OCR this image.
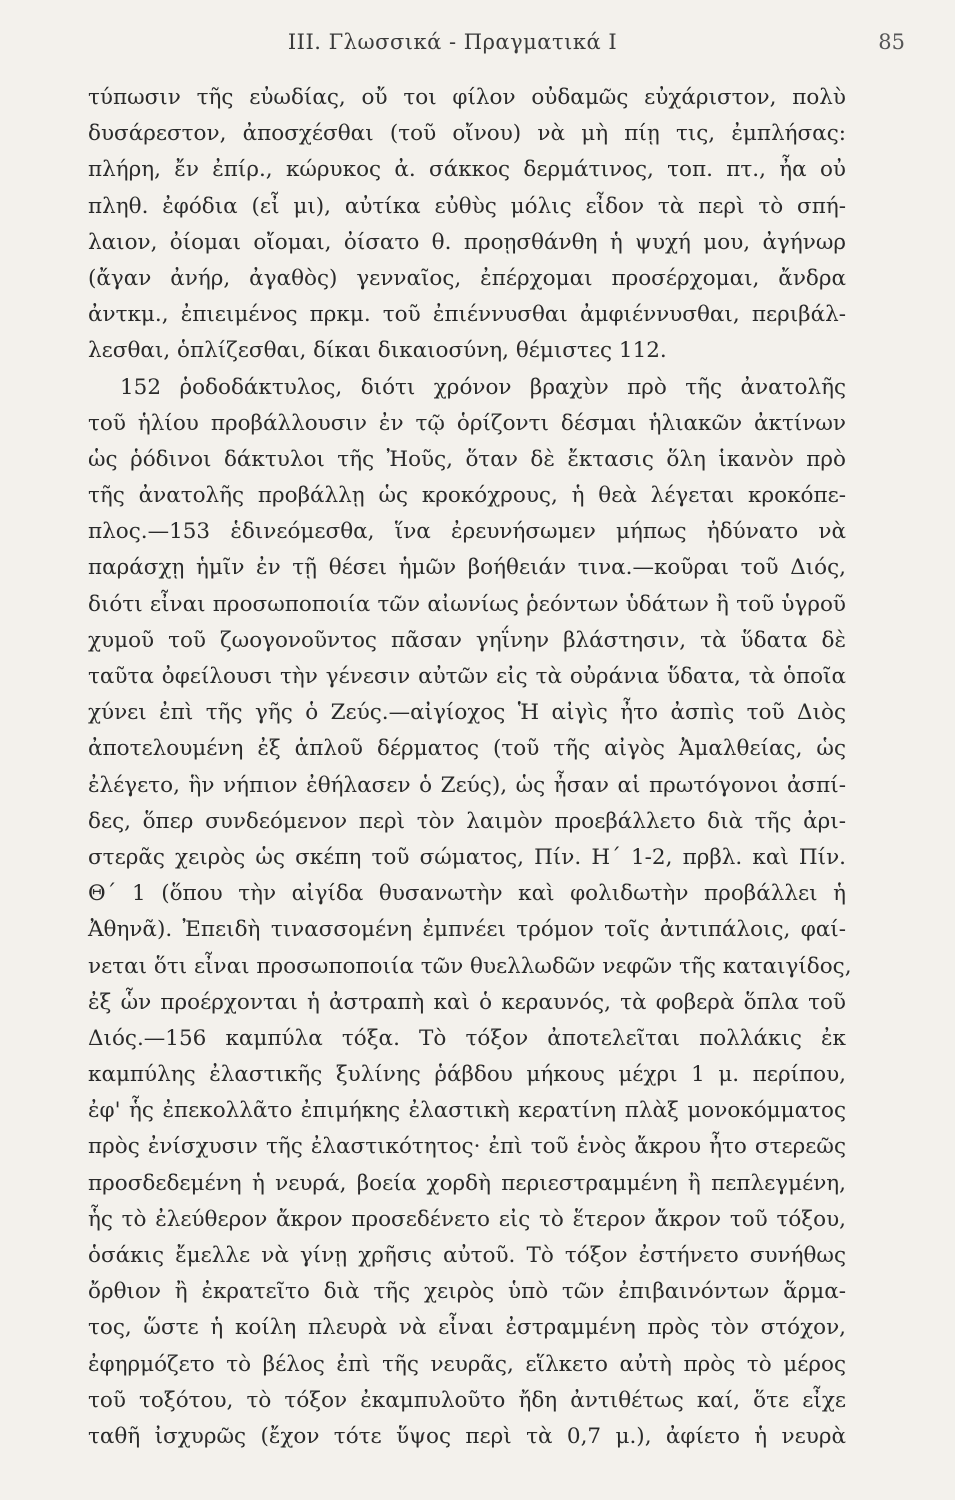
ΙΙΙ. Γλωσσικά - Πραγματικά Ι	85
τύπωσιν τῆς εὐωδίας, οὔ τοι φίλον οὐδαμῶς εὐχάριστον, πολὺ
δυσάρεστον, ἀποσχέσθαι (τοῦ οἴνου) νὰ μὴ πίῃ τις, ἐμπλήσας:
πλήρη, ἔν ἐπίρ., κώρυκος ἀ. σάκκος δερμάτινος, τοπ. πτ., ἦα οὐ
πληθ. ἐφόδια (εἶ μι), αὐτίκα εὐθὺς μόλις εἶδον τὰ περὶ τὸ σπή-
λαιον, ὀίομαι οἴομαι, ὀίσατο θ. προῃσθάνθη ἡ ψυχή μου, ἀγήνωρ
(ἄγαν ἀνήρ, ἀγαθὸς) γενναῖος, ἐπέρχομαι προσέρχομαι, ἄνδρα
ἀντκμ., ἐπιειμένος πρκμ. τοῦ ἐπιέννυσθαι ἀμφιέννυσθαι, περιβάλ-
λεσθαι, ὁπλίζεσθαι, δίκαι δικαιοσύνη, θέμιστες 112.
152 ῥοδοδάκτυλος, διότι χρόνον βραχὺν πρὸ τῆς ἀνατολῆς
τοῦ ἡλίου προβάλλουσιν ἐν τῷ ὁρίζοντι δέσμαι ἡλιακῶν ἀκτίνων
ὡς ῥόδινοι δάκτυλοι τῆς Ἠοῦς, ὅταν δὲ ἔκτασις ὅλη ἱκανὸν πρὸ
τῆς ἀνατολῆς προβάλλῃ ὡς κροκόχρους, ἡ θεὰ λέγεται κροκόπε-
πλος.—153 ἑδινεόμεσθα, ἵνα ἐρευνήσωμεν μήπως ἠδύνατο νὰ
παράσχῃ ἡμῖν ἐν τῇ θέσει ἡμῶν βοήθειάν τινα.—κοῦραι τοῦ Διός,
διότι εἶναι προσωποποιία τῶν αἰωνίως ῥεόντων ὑδάτων ἢ τοῦ ὑγροῦ
χυμοῦ τοῦ ζωογονοῦντος πᾶσαν γηΐνην βλάστησιν, τὰ ὕδατα δὲ
ταῦτα ὀφείλουσι τὴν γένεσιν αὐτῶν εἰς τὰ οὐράνια ὕδατα, τὰ ὁποῖα
χύνει ἐπὶ τῆς γῆς ὁ Ζεύς.—αἰγίοχος Ἡ αἰγὶς ἦτο ἀσπὶς τοῦ Διὸς
ἀποτελουμένη ἐξ ἁπλοῦ δέρματος (τοῦ τῆς αἰγὸς Ἀμαλθείας, ὡς
ἐλέγετο, ἣν νήπιον ἐθήλασεν ὁ Ζεύς), ὡς ἦσαν αἱ πρωτόγονοι ἀσπί-
δες, ὅπερ συνδεόμενον περὶ τὸν λαιμὸν προεβάλλετο διὰ τῆς ἀρι-
στερᾶς χειρὸς ὡς σκέπη τοῦ σώματος, Πίν. Η΄ 1-2, πρβλ. καὶ Πίν.
Θ΄ 1 (ὅπου τὴν αἰγίδα θυσανωτὴν καὶ φολιδωτὴν προβάλλει ἡ
Ἀθηνᾶ). Ἐπειδὴ τινασσομένη ἐμπνέει τρόμον τοῖς ἀντιπάλοις, φαί-
νεται ὅτι εἶναι προσωποποιία τῶν θυελλωδῶν νεφῶν τῆς καταιγίδος,
ἐξ ὧν προέρχονται ἡ ἀστραπὴ καὶ ὁ κεραυνός, τὰ φοβερὰ ὅπλα τοῦ
Διός.—156 καμπύλα τόξα. Τὸ τόξον ἀποτελεῖται πολλάκις ἐκ
καμπύλης ἐλαστικῆς ξυλίνης ῥάβδου μήκους μέχρι 1 μ. περίπου,
ἐφ' ἧς ἐπεκολλᾶτο ἐπιμήκης ἐλαστικὴ κερατίνη πλὰξ μονοκόμματος
πρὸς ἐνίσχυσιν τῆς ἐλαστικότητος· ἐπὶ τοῦ ἑνὸς ἄκρου ἦτο στερεῶς
προσδεδεμένη ἡ νευρά, βοεία χορδὴ περιεστραμμένη ἢ πεπλεγμένη,
ἧς τὸ ἐλεύθερον ἄκρον προσεδένετο εἰς τὸ ἕτερον ἄκρον τοῦ τόξου,
ὁσάκις ἔμελλε νὰ γίνῃ χρῆσις αὐτοῦ. Τὸ τόξον ἐστήνετο συνήθως
ὄρθιον ἢ ἐκρατεῖτο διὰ τῆς χειρὸς ὑπὸ τῶν ἐπιβαινόντων ἅρμα-
τος, ὥστε ἡ κοίλη πλευρὰ νὰ εἶναι ἐστραμμένη πρὸς τὸν στόχον,
ἐφηρμόζετο τὸ βέλος ἐπὶ τῆς νευρᾶς, εἵλκετο αὐτὴ πρὸς τὸ μέρος
τοῦ τοξότου, τὸ τόξον ἐκαμπυλοῦτο ἤδη ἀντιθέτως καί, ὅτε εἶχε
ταθῆ ἰσχυρῶς (ἔχον τότε ὕψος περὶ τὰ 0,7 μ.), ἀφίετο ἡ νευρὰ
